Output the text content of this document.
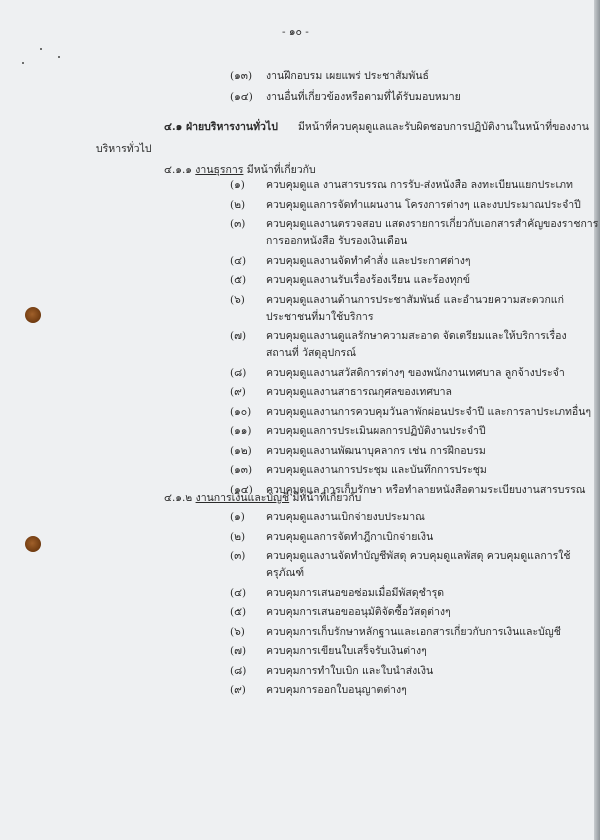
- ๑๐ -
(๑๓) งานฝึกอบรม เผยแพร่ ประชาสัมพันธ์
(๑๔) งานอื่นที่เกี่ยวข้องหรือตามที่ได้รับมอบหมาย
๔.๑ ฝ่ายบริหารงานทั่วไป มีหน้าที่ควบคุมดูแลและรับผิดชอบการปฏิบัติงานในหน้าที่ของงาน
บริหารทั่วไป
๔.๑.๑ งานธุรการ มีหน้าที่เกี่ยวกับ
(๑) ควบคุมดูแล งานสารบรรณ การรับ-ส่งหนังสือ ลงทะเบียนแยกประเภท
(๒) ควบคุมดูแลการจัดทำแผนงาน โครงการต่างๆ และงบประมาณประจำปี
(๓) ควบคุมดูแลงานตรวจสอบ แสดงรายการเกี่ยวกับเอกสารสำคัญของราชการ
การออกหนังสือ รับรองเงินเดือน
(๔) ควบคุมดูแลงานจัดทำคำสั่ง และประกาศต่างๆ
(๕) ควบคุมดูแลงานรับเรื่องร้องเรียน และร้องทุกข์
(๖) ควบคุมดูแลงานด้านการประชาสัมพันธ์ และอำนวยความสะดวกแก่
ประชาชนที่มาใช้บริการ
(๗) ควบคุมดูแลงานดูแลรักษาความสะอาด จัดเตรียมและให้บริการเรื่อง
สถานที่ วัสดุอุปกรณ์
(๘) ควบคุมดูแลงานสวัสดิการต่างๆ ของพนักงานเทศบาล ลูกจ้างประจำ
(๙) ควบคุมดูแลงานสาธารณกุศลของเทศบาล
(๑๐) ควบคุมดูแลงานการควบคุมวันลาพักผ่อนประจำปี และการลาประเภทอื่นๆ
(๑๑) ควบคุมดูแลการประเมินผลการปฏิบัติงานประจำปี
(๑๒) ควบคุมดูแลงานพัฒนาบุคลากร เช่น การฝึกอบรม
(๑๓) ควบคุมดูแลงานการประชุม และบันทึกการประชุม
(๑๔) ควบคุมดูแล การเก็บรักษา หรือทำลายหนังสือตามระเบียบงานสารบรรณ
๔.๑.๒ งานการเงินและบัญชี มีหน้าที่เกี่ยวกับ
(๑) ควบคุมดูแลงานเบิกจ่ายงบประมาณ
(๒) ควบคุมดูแลการจัดทำฎีกาเบิกจ่ายเงิน
(๓) ควบคุมดูแลงานจัดทำบัญชีพัสดุ ควบคุมดูแลพัสดุ ควบคุมดูแลการใช้
ครุภัณฑ์
(๔) ควบคุมการเสนอขอซ่อมเมื่อมีพัสดุชำรุด
(๕) ควบคุมการเสนอขออนุมัติจัดซื้อวัสดุต่างๆ
(๖) ควบคุมการเก็บรักษาหลักฐานและเอกสารเกี่ยวกับการเงินและบัญชี
(๗) ควบคุมการเขียนใบเสร็จรับเงินต่างๆ
(๘) ควบคุมการทำใบเบิก และใบนำส่งเงิน
(๙) ควบคุมการออกใบอนุญาตต่างๆ
